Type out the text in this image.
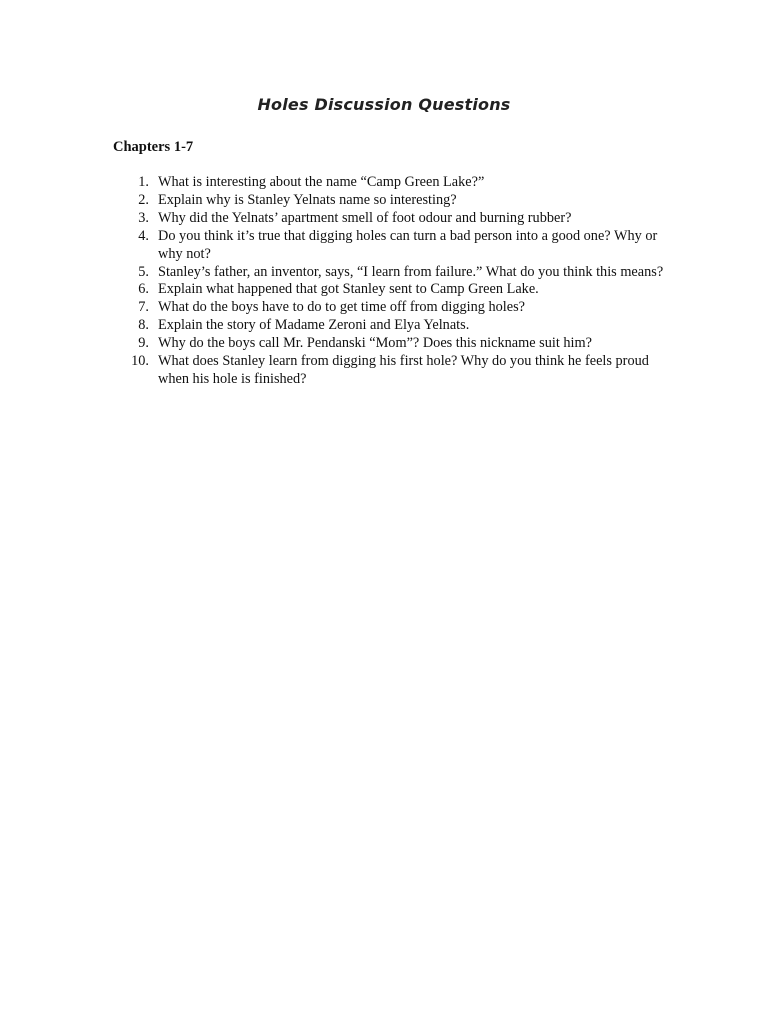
Holes Discussion Questions
Chapters 1-7
1. What is interesting about the name “Camp Green Lake?”
2. Explain why is Stanley Yelnats name so interesting?
3. Why did the Yelnats’ apartment smell of foot odour and burning rubber?
4. Do you think it’s true that digging holes can turn a bad person into a good one? Why or why not?
5. Stanley’s father, an inventor, says, “I learn from failure.” What do you think this means?
6. Explain what happened that got Stanley sent to Camp Green Lake.
7. What do the boys have to do to get time off from digging holes?
8. Explain the story of Madame Zeroni and Elya Yelnats.
9. Why do the boys call Mr. Pendanski “Mom”? Does this nickname suit him?
10. What does Stanley learn from digging his first hole? Why do you think he feels proud when his hole is finished?
